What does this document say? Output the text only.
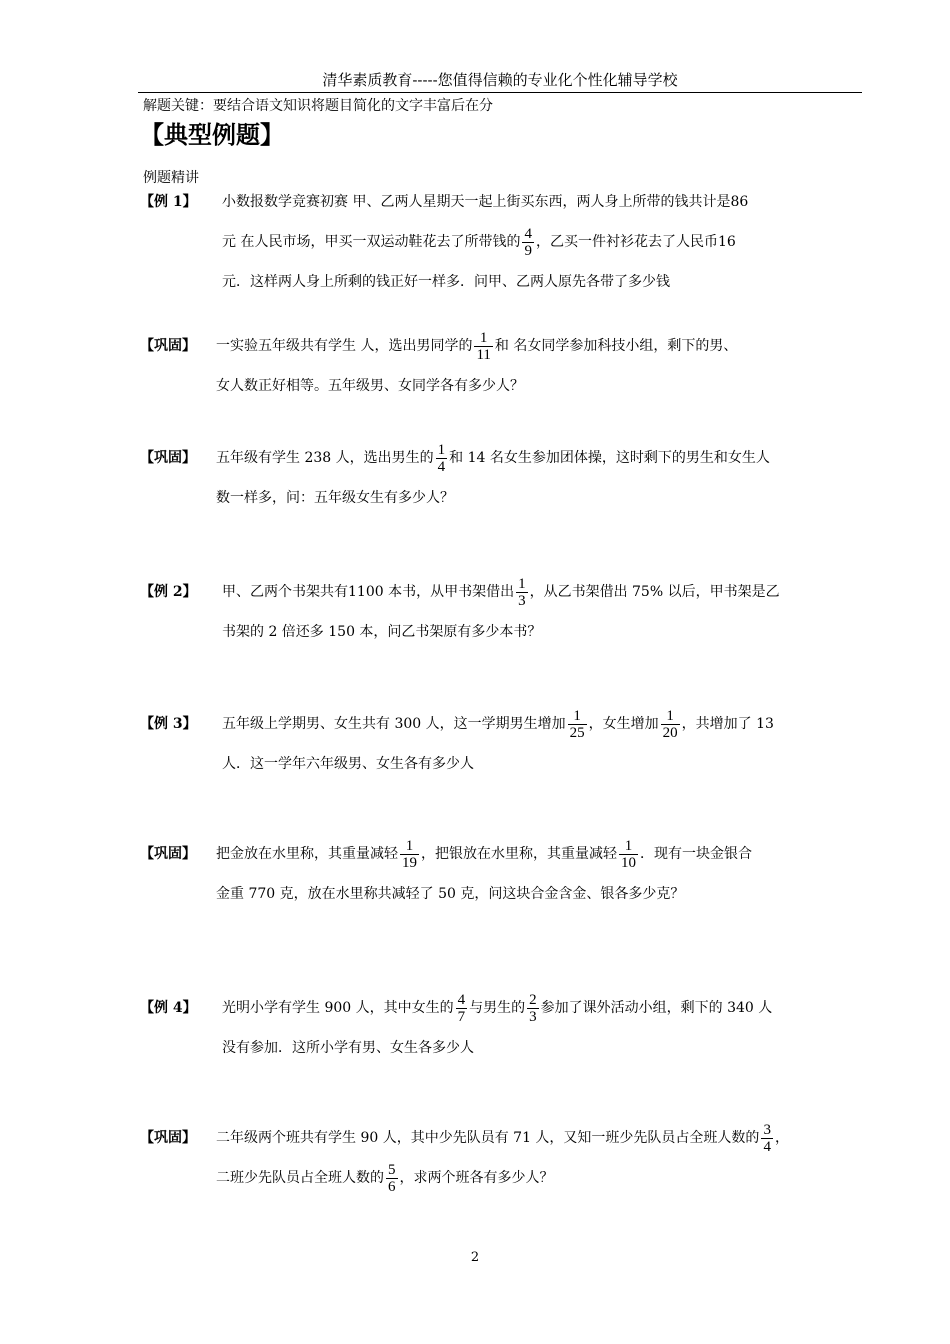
清华素质教育-----您值得信赖的专业化个性化辅导学校
解题关键：要结合语文知识将题目简化的文字丰富后在分
【典型例题】
例题精讲
【例 1】 小数报数学竞赛初赛 甲、乙两人星期天一起上街买东西，两人身上所带的钱共计是86
元 在人民市场，甲买一双运动鞋花去了所带钱的 $\frac{4}{9}$ ，乙买一件衬衫花去了人民币16
元．这样两人身上所剩的钱正好一样多．问甲、乙两人原先各带了多少钱
【巩固】 一实验五年级共有学生 人，选出男同学的 $\frac{1}{11}$ 和 名女同学参加科技小组，剩下的男、
女人数正好相等。五年级男、女同学各有多少人？
【巩固】 五年级有学生 238 人，选出男生的 $\frac{1}{4}$ 和 14 名女生参加团体操，这时剩下的男生和女生人
数一样多，问：五年级女生有多少人？
【例 2】 甲、乙两个书架共有1100 本书，从甲书架借出 $\frac{1}{3}$ ，从乙书架借出 75% 以后，甲书架是乙
书架的 2 倍还多 150 本，问乙书架原有多少本书？
【例 3】 五年级上学期男、女生共有 300 人，这一学期男生增加 $\frac{1}{25}$ ，女生增加 $\frac{1}{20}$ ，共增加了 13
人．这一学年六年级男、女生各有多少人
【巩固】 把金放在水里称，其重量减轻 $\frac{1}{19}$ ，把银放在水里称，其重量减轻 $\frac{1}{10}$ ．现有一块金银合
金重 770 克，放在水里称共减轻了 50 克，问这块合金含金、银各多少克？
【例 4】 光明小学有学生 900 人，其中女生的 $\frac{4}{7}$ 与男生的 $\frac{2}{3}$ 参加了课外活动小组，剩下的 340 人
没有参加．这所小学有男、女生各多少人
【巩固】 二年级两个班共有学生 90 人，其中少先队员有 71 人，又知一班少先队员占全班人数的 $\frac{3}{4}$ ，
二班少先队员占全班人数的 $\frac{5}{6}$ ，求两个班各有多少人？
2
